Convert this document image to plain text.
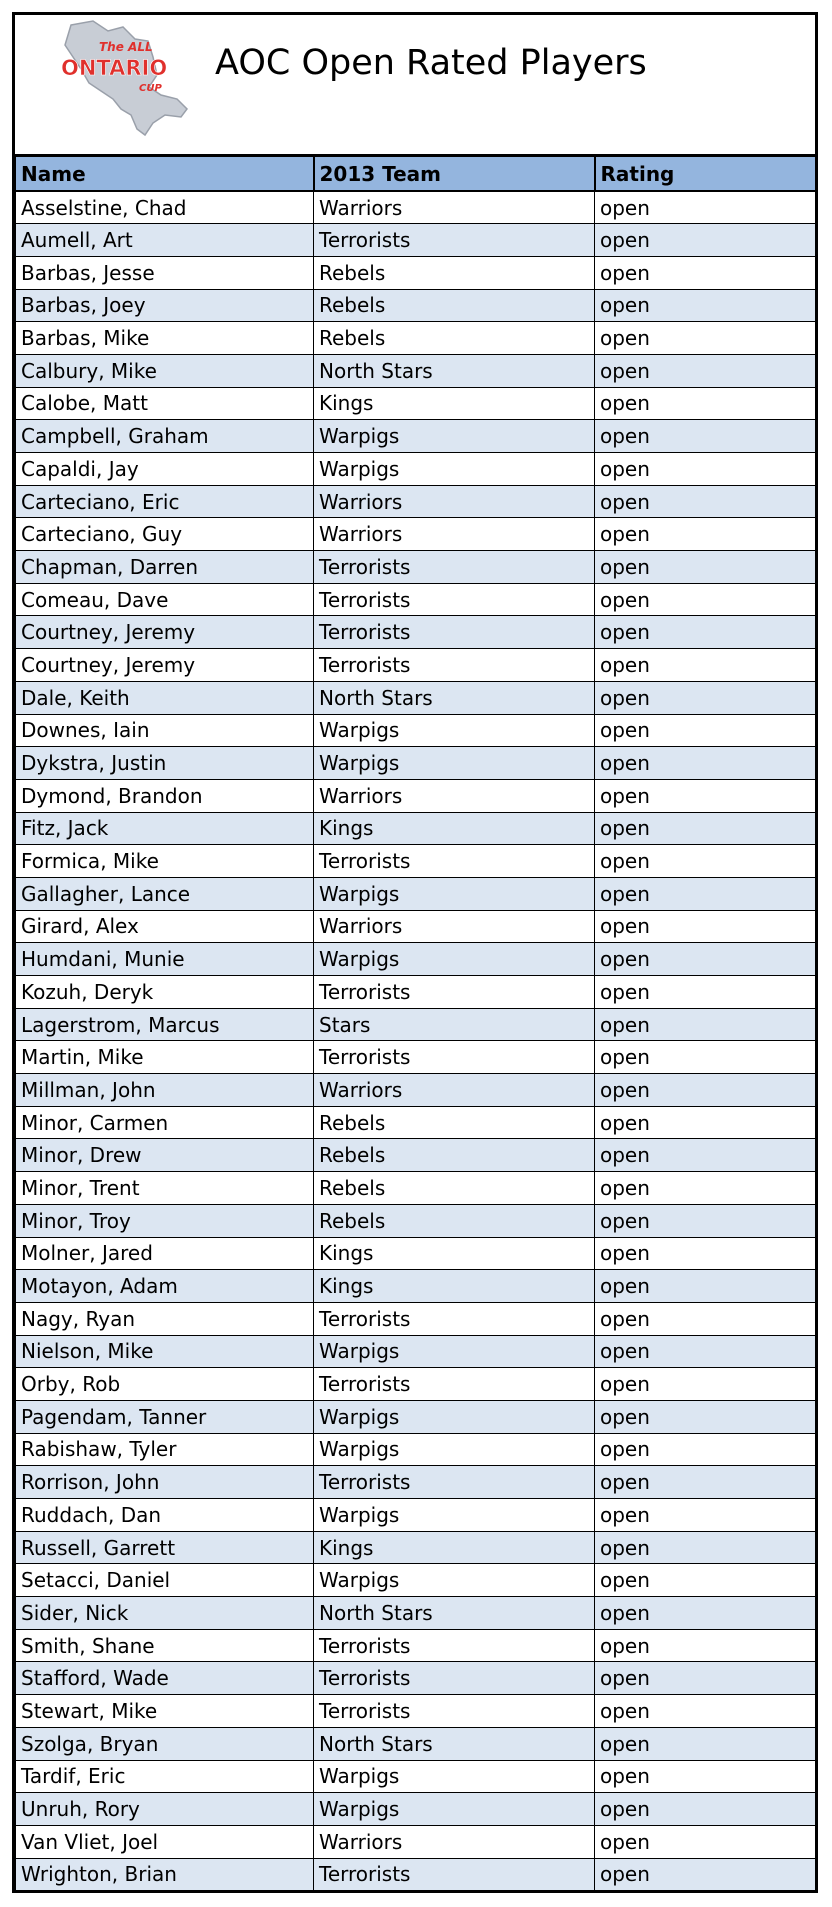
The ALL
ONTARIO
CUP
AOC Open Rated Players
Name	2013 Team	Rating
Asselstine, Chad	Warriors	open
Aumell, Art	Terrorists	open
Barbas, Jesse	Rebels	open
Barbas, Joey	Rebels	open
Barbas, Mike	Rebels	open
Calbury, Mike	North Stars	open
Calobe, Matt	Kings	open
Campbell, Graham	Warpigs	open
Capaldi, Jay	Warpigs	open
Carteciano, Eric	Warriors	open
Carteciano, Guy	Warriors	open
Chapman, Darren	Terrorists	open
Comeau, Dave	Terrorists	open
Courtney, Jeremy	Terrorists	open
Courtney, Jeremy	Terrorists	open
Dale, Keith	North Stars	open
Downes, Iain	Warpigs	open
Dykstra, Justin	Warpigs	open
Dymond, Brandon	Warriors	open
Fitz, Jack	Kings	open
Formica, Mike	Terrorists	open
Gallagher, Lance	Warpigs	open
Girard, Alex	Warriors	open
Humdani, Munie	Warpigs	open
Kozuh, Deryk	Terrorists	open
Lagerstrom, Marcus	Stars	open
Martin, Mike	Terrorists	open
Millman, John	Warriors	open
Minor, Carmen	Rebels	open
Minor, Drew	Rebels	open
Minor, Trent	Rebels	open
Minor, Troy	Rebels	open
Molner, Jared	Kings	open
Motayon, Adam	Kings	open
Nagy, Ryan	Terrorists	open
Nielson, Mike	Warpigs	open
Orby, Rob	Terrorists	open
Pagendam, Tanner	Warpigs	open
Rabishaw, Tyler	Warpigs	open
Rorrison, John	Terrorists	open
Ruddach, Dan	Warpigs	open
Russell, Garrett	Kings	open
Setacci, Daniel	Warpigs	open
Sider, Nick	North Stars	open
Smith, Shane	Terrorists	open
Stafford, Wade	Terrorists	open
Stewart, Mike	Terrorists	open
Szolga, Bryan	North Stars	open
Tardif, Eric	Warpigs	open
Unruh, Rory	Warpigs	open
Van Vliet, Joel	Warriors	open
Wrighton, Brian	Terrorists	open
